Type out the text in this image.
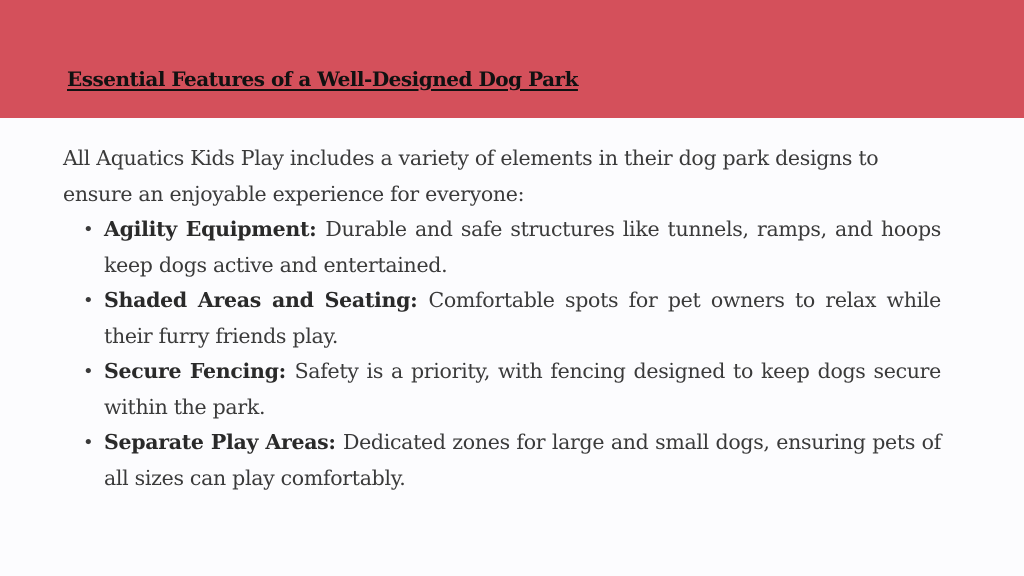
Essential Features of a Well-Designed Dog Park

All Aquatics Kids Play includes a variety of elements in their dog park designs to ensure an enjoyable experience for everyone:

• Agility Equipment: Durable and safe structures like tunnels, ramps, and hoops keep dogs active and entertained.
• Shaded Areas and Seating: Comfortable spots for pet owners to relax while their furry friends play.
• Secure Fencing: Safety is a priority, with fencing designed to keep dogs secure within the park.
• Separate Play Areas: Dedicated zones for large and small dogs, ensuring pets of all sizes can play comfortably.
